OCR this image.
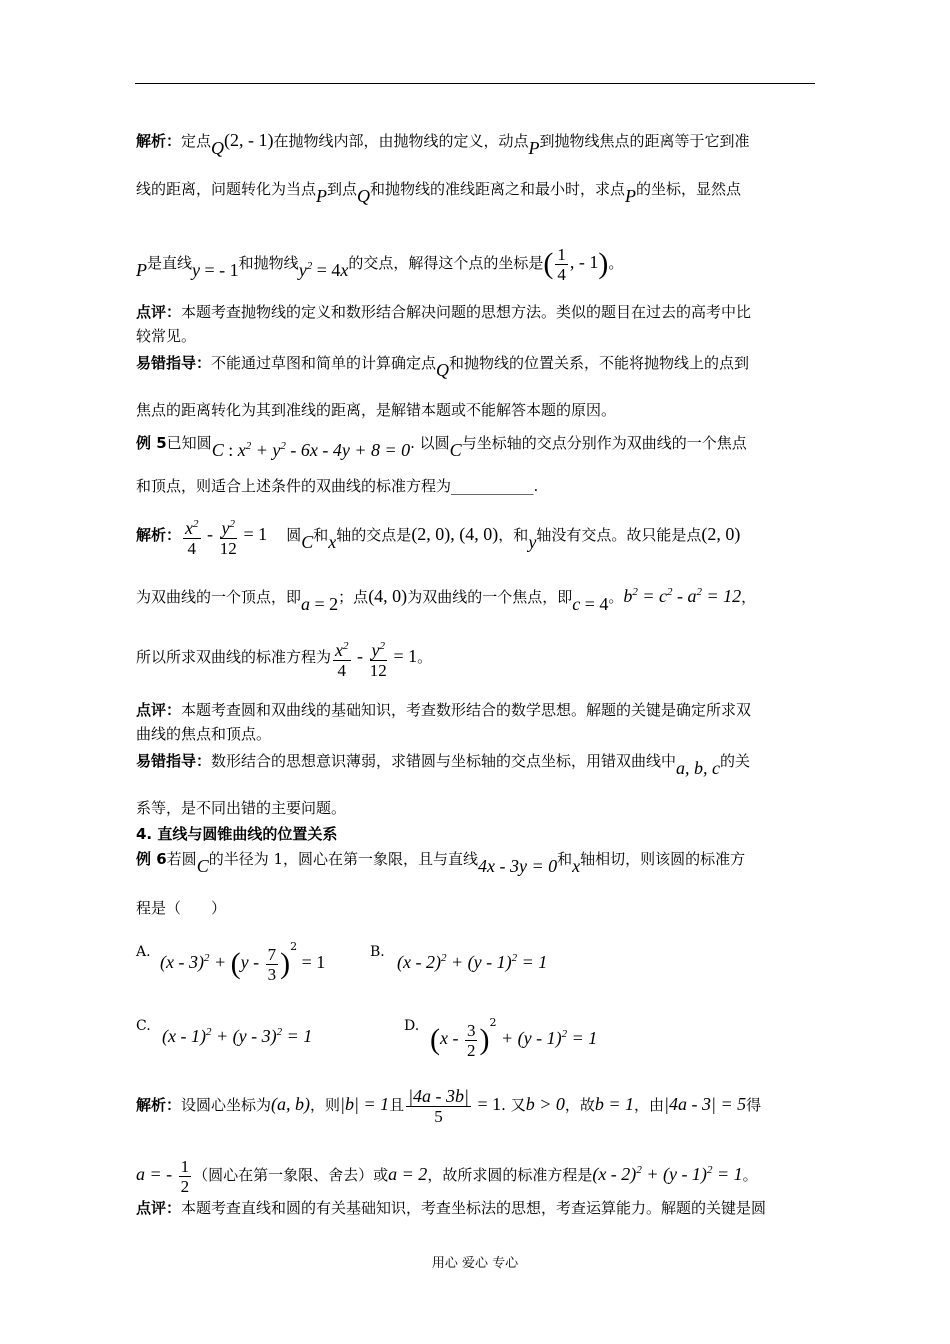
解析：定点Q(2, - 1)在抛物线内部，由抛物线的定义，动点P到抛物线焦点的距离等于它到准
线的距离，问题转化为当点P到点Q和抛物线的准线距离之和最小时，求点P的坐标，显然点
P是直线y = - 1和抛物线$y^2 = 4x$的交点，解得这个点的坐标是( $\frac{1}{4}$ , - 1)。
点评：本题考查抛物线的定义和数形结合解决问题的思想方法。类似的题目在过去的高考中比
较常见。
易错指导：不能通过草图和简单的计算确定点Q和抛物线的位置关系，不能将抛物线上的点到
焦点的距离转化为其到准线的距离，是解错本题或不能解答本题的原因。
例 5已知圆C : $x^2 + y^2 - 6x - 4y + 8 = 0$. 以圆C与坐标轴的交点分别作为双曲线的一个焦点
和顶点，则适合上述条件的双曲线的标准方程为___________.
解析： $\frac{x^2}{4} - \frac{y^2}{12} = 1$ 圆C和x轴的交点是(2, 0), (4, 0)，和y轴没有交点。故只能是点(2, 0)
为双曲线的一个顶点，即a = 2；点(4, 0)为双曲线的一个焦点，即c = 4。$b^2 = c^2 - a^2 = 12$，
所以所求双曲线的标准方程为 $\frac{x^2}{4} - \frac{y^2}{12} = 1$。
点评：本题考查圆和双曲线的基础知识，考查数形结合的数学思想。解题的关键是确定所求双
曲线的焦点和顶点。
易错指导：数形结合的思想意识薄弱，求错圆与坐标轴的交点坐标，用错双曲线中a, b, c的关
系等，是不同出错的主要问题。
4. 直线与圆锥曲线的位置关系
例 6若圆C的半径为 1，圆心在第一象限，且与直线4x - 3y = 0和x轴相切，则该圆的标准方
程是（　　）
A. $(x - 3)^2 + (y - \frac{7}{3} )^2 = 1$	B. (x - 2)$^2$ + (y - 1)$^2$ = 1
C. (x - 1)$^2$ + (y - 3)$^2$ = 1	D. $(x - \frac{3}{2} )^2 + (y - 1)^2 = 1$
解析：设圆心坐标为(a, b)，则|b| = 1且 $\frac{|4a - 3b|}{5} = 1$. 又b > 0，故b = 1，由|4a - 3| = 5得
a = - $\frac{1}{2}$ （圆心在第一象限、舍去）或a = 2，故所求圆的标准方程是(x - 2)$^2$ + (y - 1)$^2$ = 1。
点评：本题考查直线和圆的有关基础知识，考查坐标法的思想，考查运算能力。解题的关键是圆
用心 爱心 专心
